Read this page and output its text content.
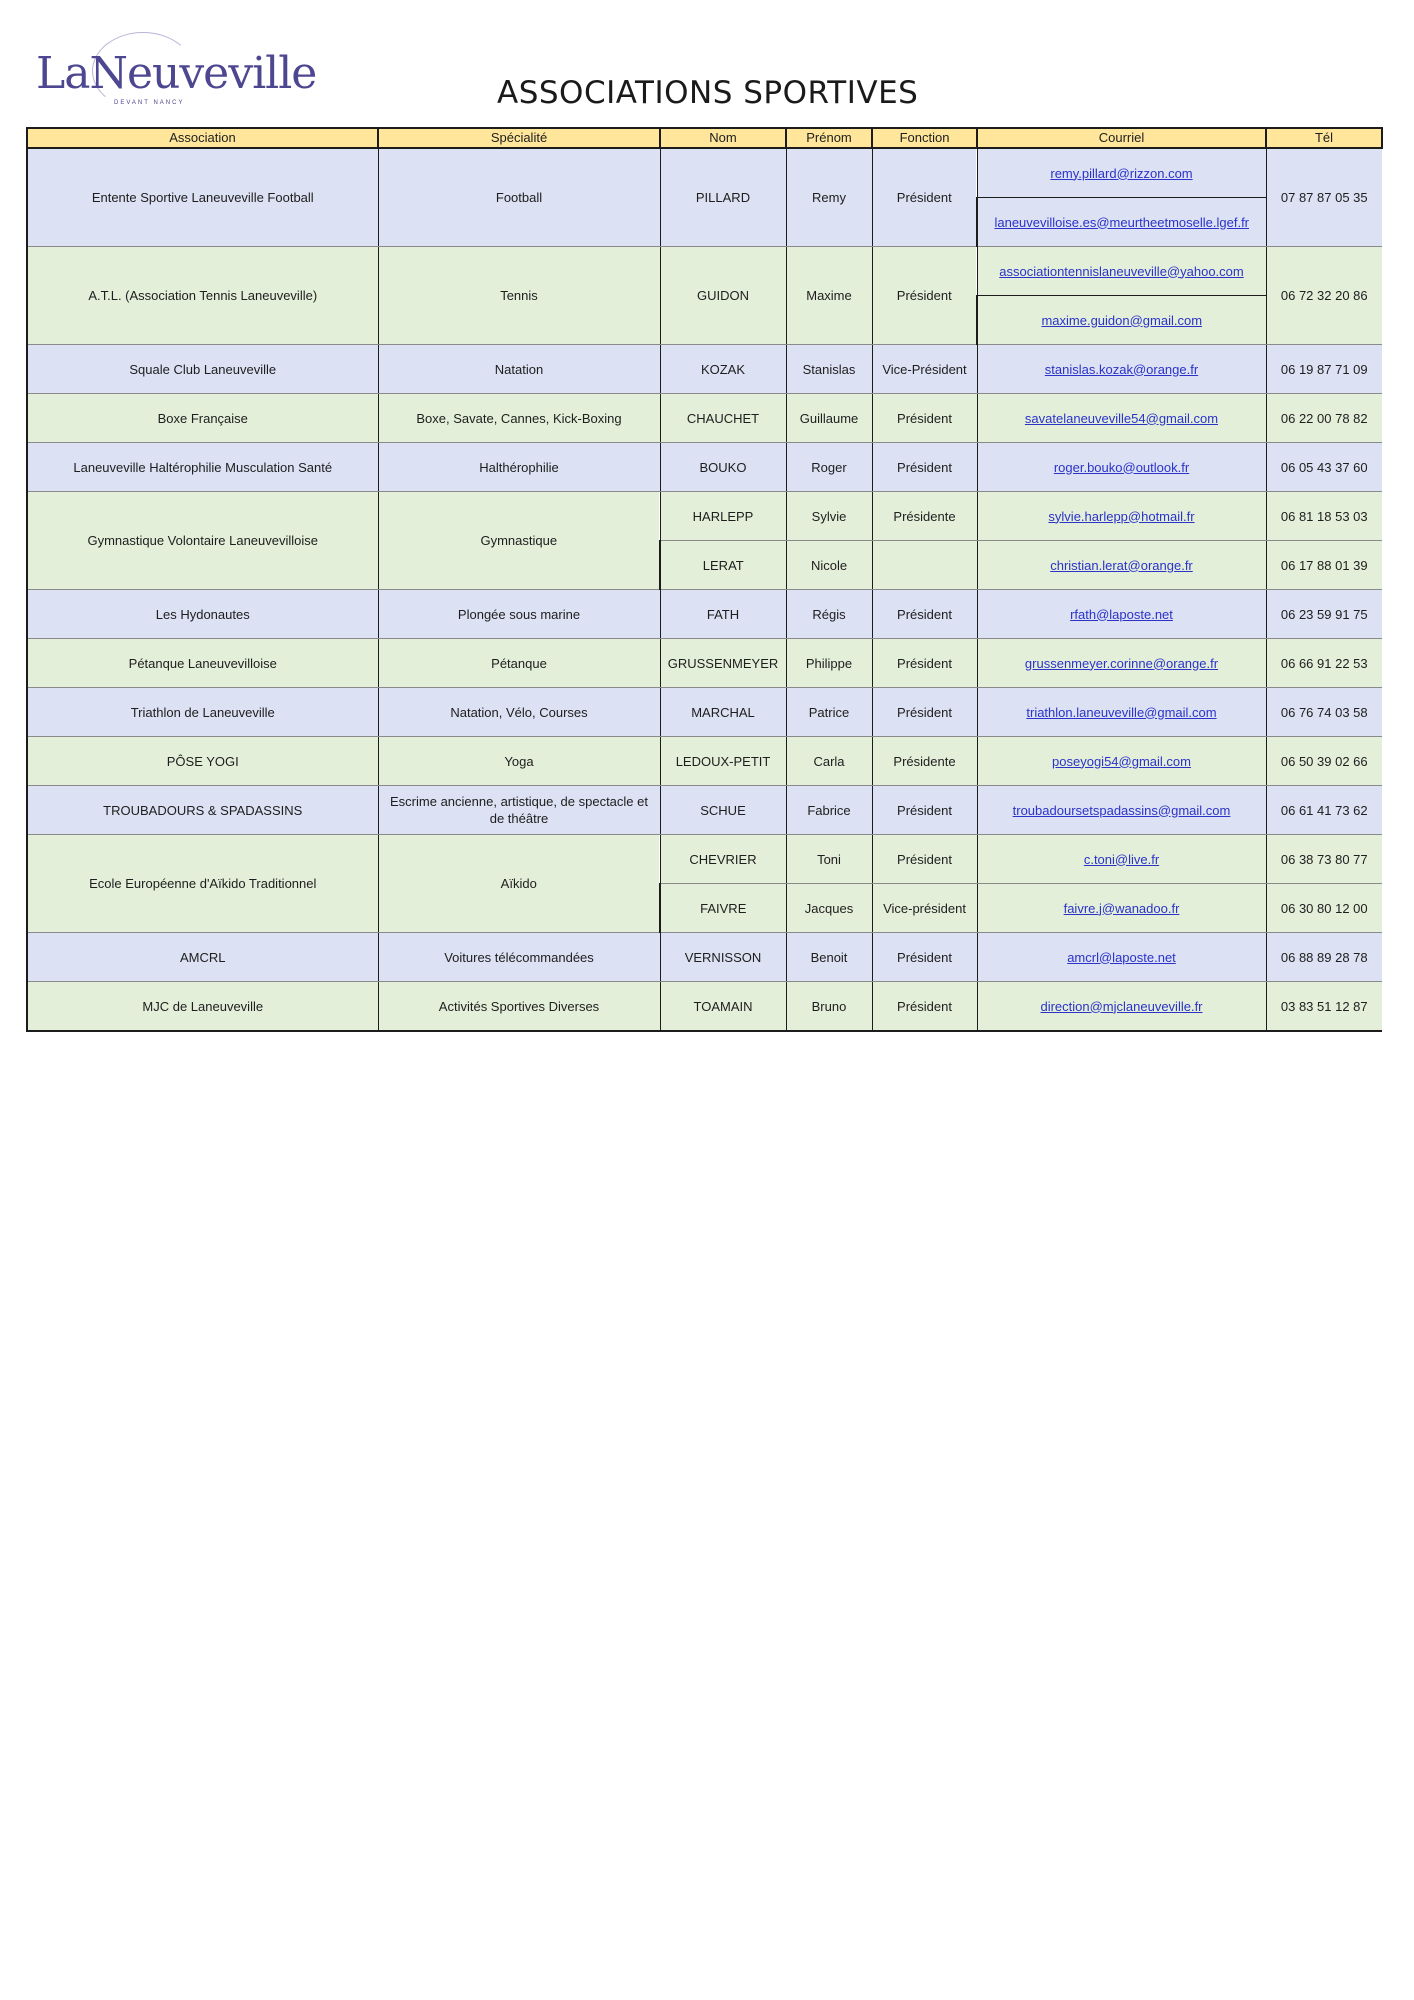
LaNeuveville
DEVANT NANCY	ASSOCIATIONS SPORTIVES
Association	Spécialité	Nom	Prénom	Fonction	Courriel	Tél
Entente Sportive Laneuveville Football	Football	PILLARD	Remy	Président	remy.pillard@rizzon.com	07 87 87 05 35
					laneuvevilloise.es@meurtheetmoselle.lgef.fr	
A.T.L. (Association Tennis Laneuveville)	Tennis	GUIDON	Maxime	Président	associationtennislaneuveville@yahoo.com	06 72 32 20 86
					maxime.guidon@gmail.com	
Squale Club Laneuveville	Natation	KOZAK	Stanislas	Vice-Président	stanislas.kozak@orange.fr	06 19 87 71 09
Boxe Française	Boxe, Savate, Cannes, Kick-Boxing	CHAUCHET	Guillaume	Président	savatelaneuveville54@gmail.com	06 22 00 78 82
Laneuveville Haltérophilie Musculation Santé	Halthérophilie	BOUKO	Roger	Président	roger.bouko@outlook.fr	06 05 43 37 60
Gymnastique Volontaire Laneuvevilloise	Gymnastique	HARLEPP	Sylvie	Présidente	sylvie.harlepp@hotmail.fr	06 81 18 53 03
		LERAT	Nicole		christian.lerat@orange.fr	06 17 88 01 39
Les Hydonautes	Plongée sous marine	FATH	Régis	Président	rfath@laposte.net	06 23 59 91 75
Pétanque Laneuvevilloise	Pétanque	GRUSSENMEYER	Philippe	Président	grussenmeyer.corinne@orange.fr	06 66 91 22 53
Triathlon de Laneuveville	Natation, Vélo, Courses	MARCHAL	Patrice	Président	triathlon.laneuveville@gmail.com	06 76 74 03 58
PÔSE YOGI	Yoga	LEDOUX-PETIT	Carla	Présidente	poseyogi54@gmail.com	06 50 39 02 66
TROUBADOURS & SPADASSINS	Escrime ancienne, artistique, de spectacle et de théâtre	SCHUE	Fabrice	Président	troubadoursetspadassins@gmail.com	06 61 41 73 62
Ecole Européenne d'Aïkido Traditionnel	Aïkido	CHEVRIER	Toni	Président	c.toni@live.fr	06 38 73 80 77
		FAIVRE	Jacques	Vice-président	faivre.j@wanadoo.fr	06 30 80 12 00
AMCRL	Voitures télécommandées	VERNISSON	Benoit	Président	amcrl@laposte.net	06 88 89 28 78
MJC de Laneuveville	Activités Sportives Diverses	TOAMAIN	Bruno	Président	direction@mjclaneuveville.fr	03 83 51 12 87
